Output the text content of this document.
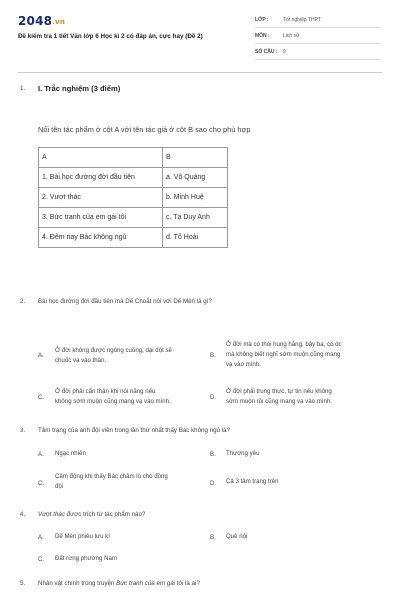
2048.vn
Đề kiểm tra 1 tiết Văn lớp 6 Học kì 2 có đáp án, cực hay (Đề 2)
LỚP :	Tốt nghiệp THPT
MÔN :	Lịch sử
SỐ CÂU : 9
1. I. Trắc nghiệm (3 điểm)
Nối tên tác phẩm ở cột A với tên tác giả ở cột B sao cho phù hợp
A	B
1. Bài học đường đời đầu tiên	a. Võ Quảng
2. Vượt thác	b. Minh Huệ
3. Bức tranh của em gái tôi	c. Tạ Duy Anh
4. Đêm nay Bác không ngủ	d. Tô Hoài
2. Bài học đường đời đầu tiên mà Dế Choắt nói với Dế Mèn là gì?
A.
Ở đời không được ngông cuồng, dại dột sẽ
chuốc vạ vào thân.
B.
Ở đời mà có thói hung hăng, bậy bạ, có óc
mà không biết nghĩ sớm muộn cũng mang
vạ vào mình.
C.
Ở đời phải cẩn thận khi nói năng nếu
không sớm muộn cũng mang vạ vào mình.
D.
Ở đời phải trung thực, tự tin nếu không
sớm muộn rồi cũng mang vạ vào mình.
3. Tâm trạng của anh đội viên trong lần thứ nhất thấy Bác không ngủ là?
A. Ngạc nhiên	B. Thương yêu
C.
Cảm động khi thấy Bác chăm lo cho đồng
đội	D. Cả 3 tâm trạng trên
4. Vượt thác được trích từ tác phẩm nào?
A. Dế Mèn phiêu lưu kí	B. Quê nội
C. Đất rừng phương Nam
5. Nhân vật chính trong truyện Bức tranh của em gái tôi là ai?
